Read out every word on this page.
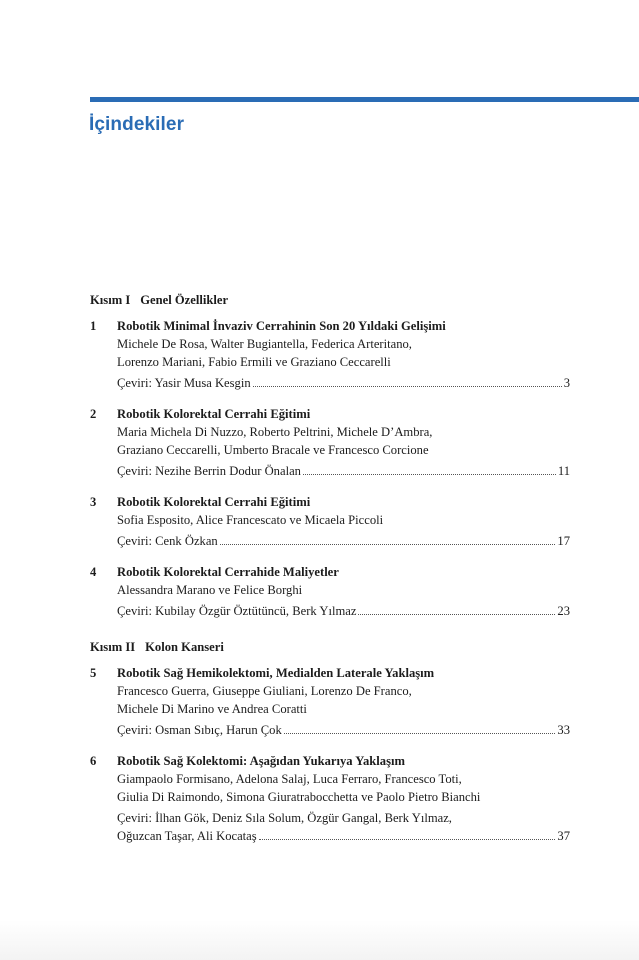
İçindekiler
Kısım I Genel Özellikler
1 Robotik Minimal İnvaziv Cerrahinin Son 20 Yıldaki Gelişimi
Michele De Rosa, Walter Bugiantella, Federica Arteritano,
Lorenzo Mariani, Fabio Ermili ve Graziano Ceccarelli
Çeviri: Yasir Musa Kesgin	3
2 Robotik Kolorektal Cerrahi Eğitimi
Maria Michela Di Nuzzo, Roberto Peltrini, Michele D’Ambra,
Graziano Ceccarelli, Umberto Bracale ve Francesco Corcione
Çeviri: Nezihe Berrin Dodur Önalan	11
3 Robotik Kolorektal Cerrahi Eğitimi
Sofia Esposito, Alice Francescato ve Micaela Piccoli
Çeviri: Cenk Özkan	17
4 Robotik Kolorektal Cerrahide Maliyetler
Alessandra Marano ve Felice Borghi
Çeviri: Kubilay Özgür Öztütüncü, Berk Yılmaz	23
Kısım II Kolon Kanseri
5 Robotik Sağ Hemikolektomi, Medialden Laterale Yaklaşım
Francesco Guerra, Giuseppe Giuliani, Lorenzo De Franco,
Michele Di Marino ve Andrea Coratti
Çeviri: Osman Sıbıç, Harun Çok	33
6 Robotik Sağ Kolektomi: Aşağıdan Yukarıya Yaklaşım
Giampaolo Formisano, Adelona Salaj, Luca Ferraro, Francesco Toti,
Giulia Di Raimondo, Simona Giuratrabocchetta ve Paolo Pietro Bianchi
Çeviri: İlhan Gök, Deniz Sıla Solum, Özgür Gangal, Berk Yılmaz,
Oğuzcan Taşar, Ali Kocataş	37
